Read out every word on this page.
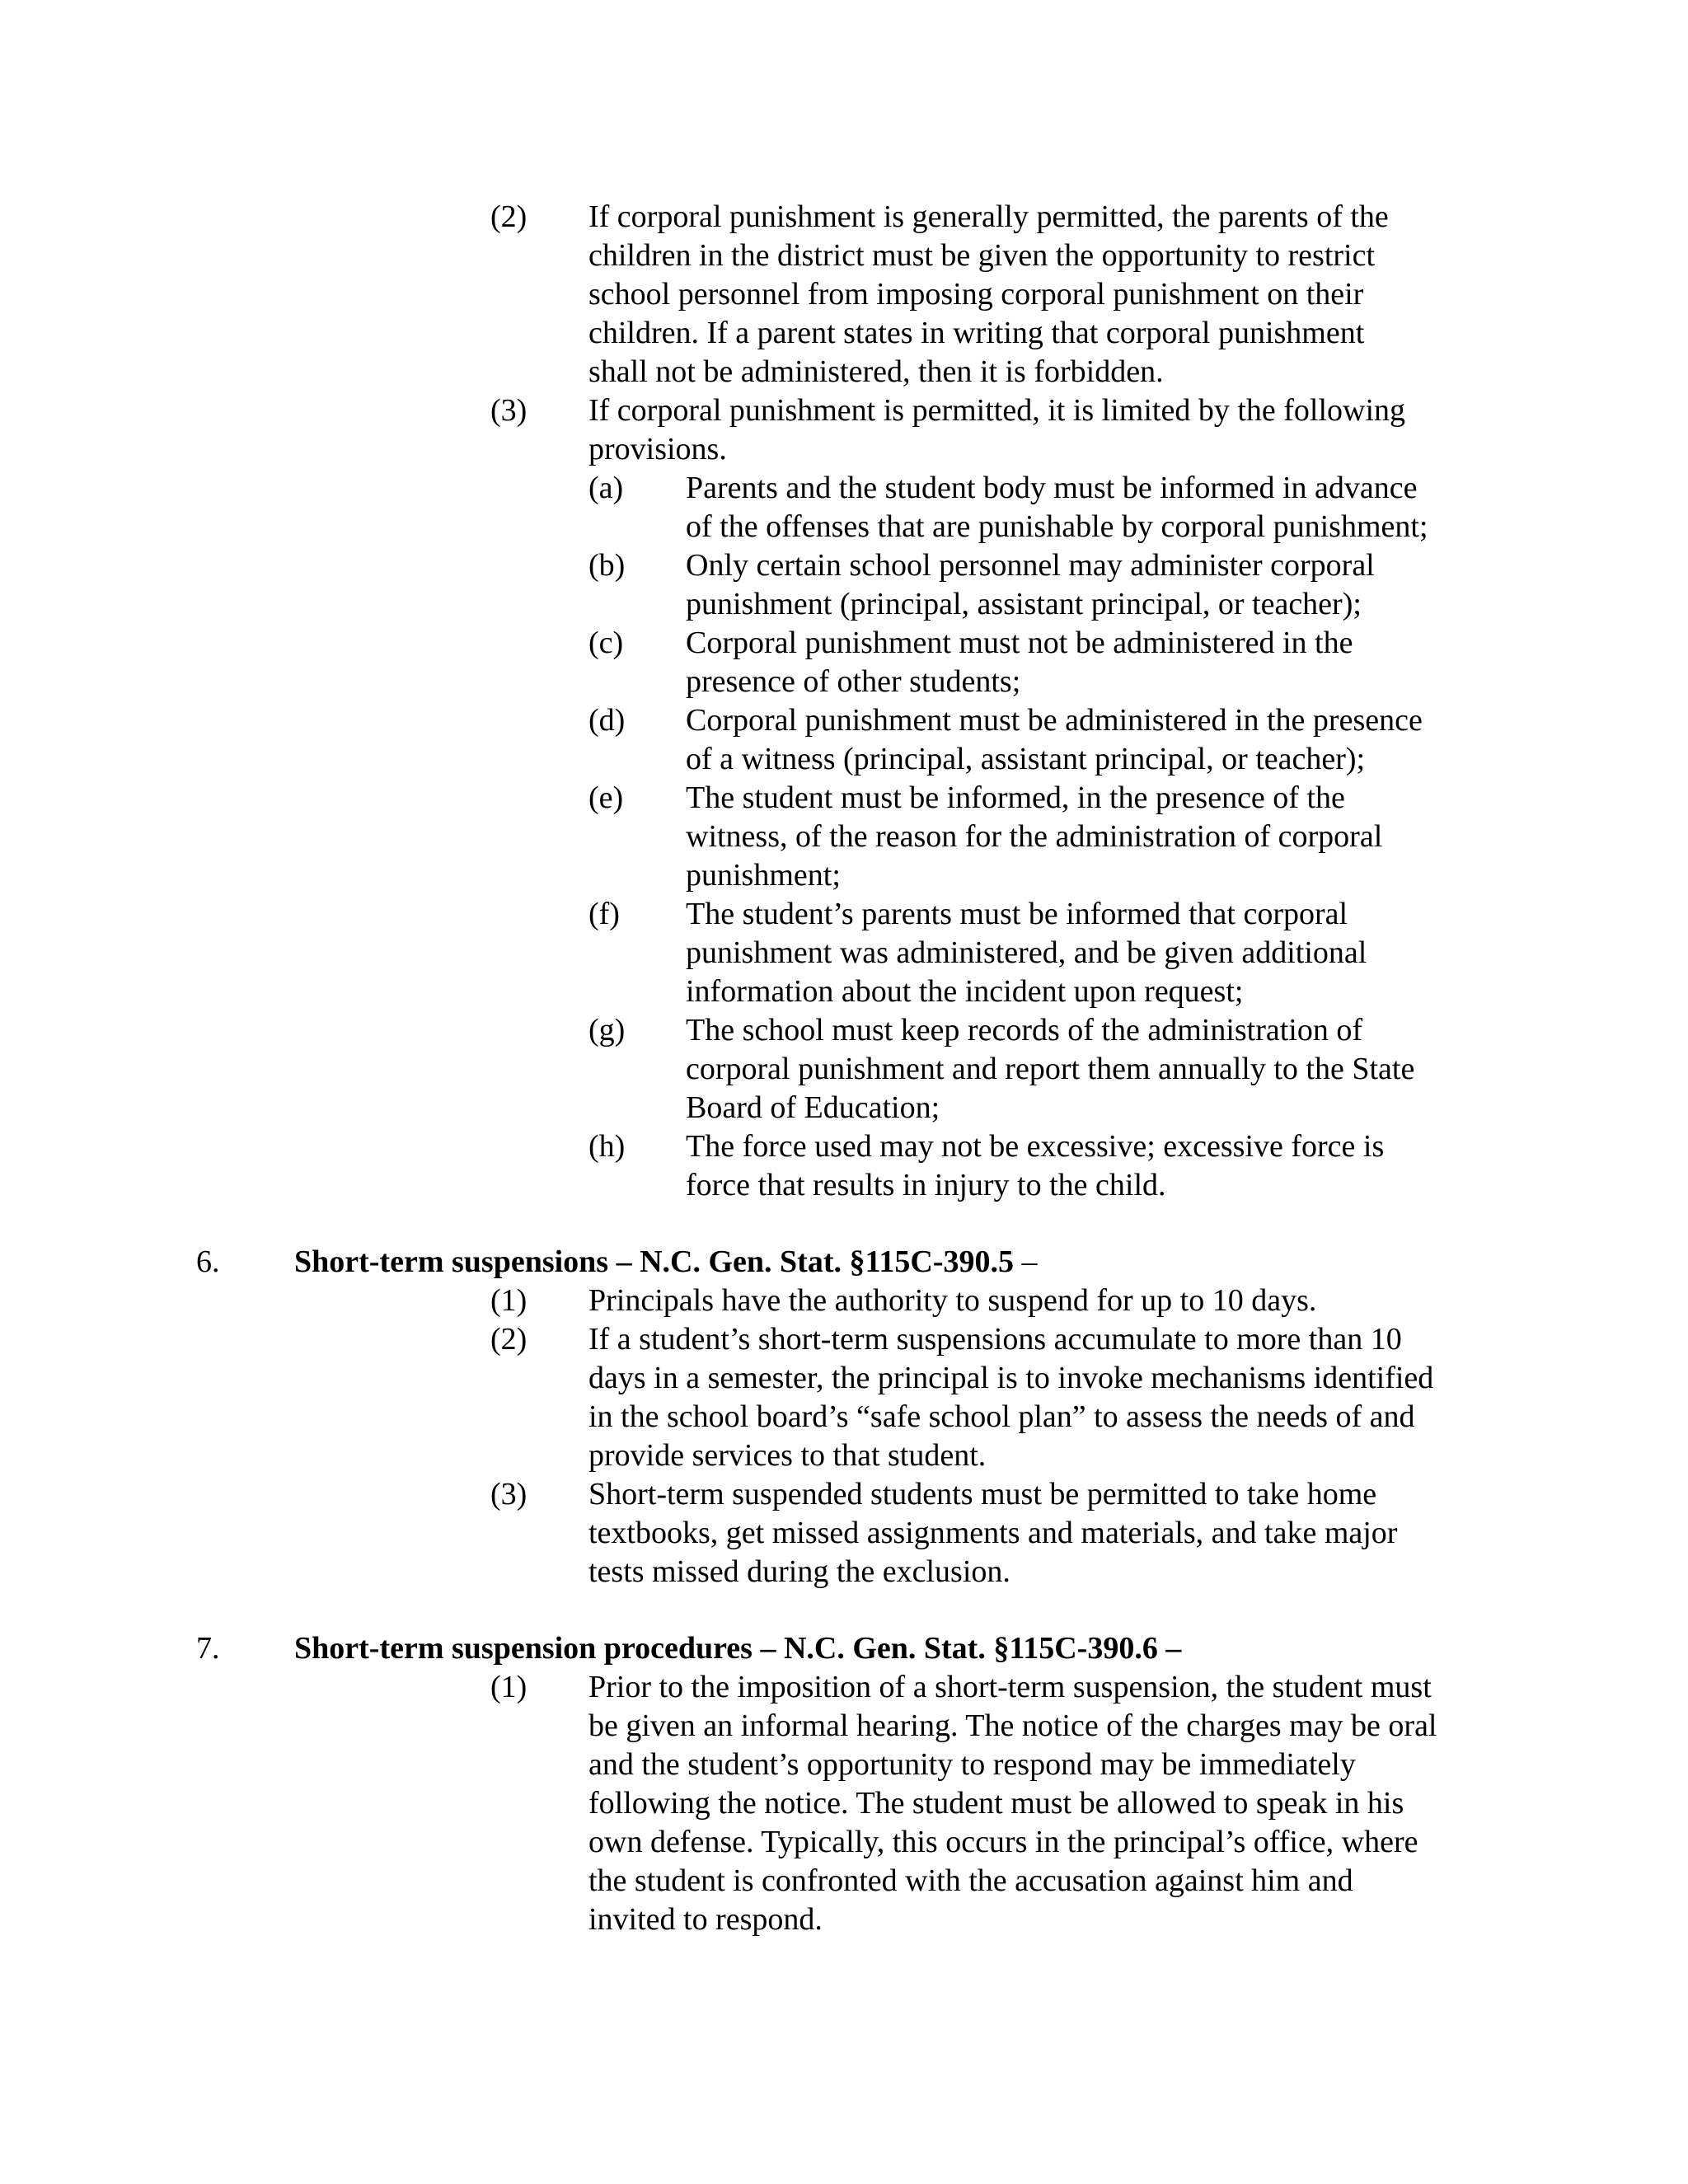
(2) If corporal punishment is generally permitted, the parents of the
children in the district must be given the opportunity to restrict
school personnel from imposing corporal punishment on their
children. If a parent states in writing that corporal punishment
shall not be administered, then it is forbidden.
(3) If corporal punishment is permitted, it is limited by the following
provisions.
(a) Parents and the student body must be informed in advance
of the offenses that are punishable by corporal punishment;
(b) Only certain school personnel may administer corporal
punishment (principal, assistant principal, or teacher);
(c) Corporal punishment must not be administered in the
presence of other students;
(d) Corporal punishment must be administered in the presence
of a witness (principal, assistant principal, or teacher);
(e) The student must be informed, in the presence of the
witness, of the reason for the administration of corporal
punishment;
(f) The student’s parents must be informed that corporal
punishment was administered, and be given additional
information about the incident upon request;
(g) The school must keep records of the administration of
corporal punishment and report them annually to the State
Board of Education;
(h) The force used may not be excessive; excessive force is
force that results in injury to the child.
6. Short-term suspensions – N.C. Gen. Stat. §115C-390.5 –
(1) Principals have the authority to suspend for up to 10 days.
(2) If a student’s short-term suspensions accumulate to more than 10
days in a semester, the principal is to invoke mechanisms identified
in the school board’s “safe school plan” to assess the needs of and
provide services to that student.
(3) Short-term suspended students must be permitted to take home
textbooks, get missed assignments and materials, and take major
tests missed during the exclusion.
7. Short-term suspension procedures – N.C. Gen. Stat. §115C-390.6 –
(1) Prior to the imposition of a short-term suspension, the student must
be given an informal hearing. The notice of the charges may be oral
and the student’s opportunity to respond may be immediately
following the notice. The student must be allowed to speak in his
own defense. Typically, this occurs in the principal’s office, where
the student is confronted with the accusation against him and
invited to respond.
